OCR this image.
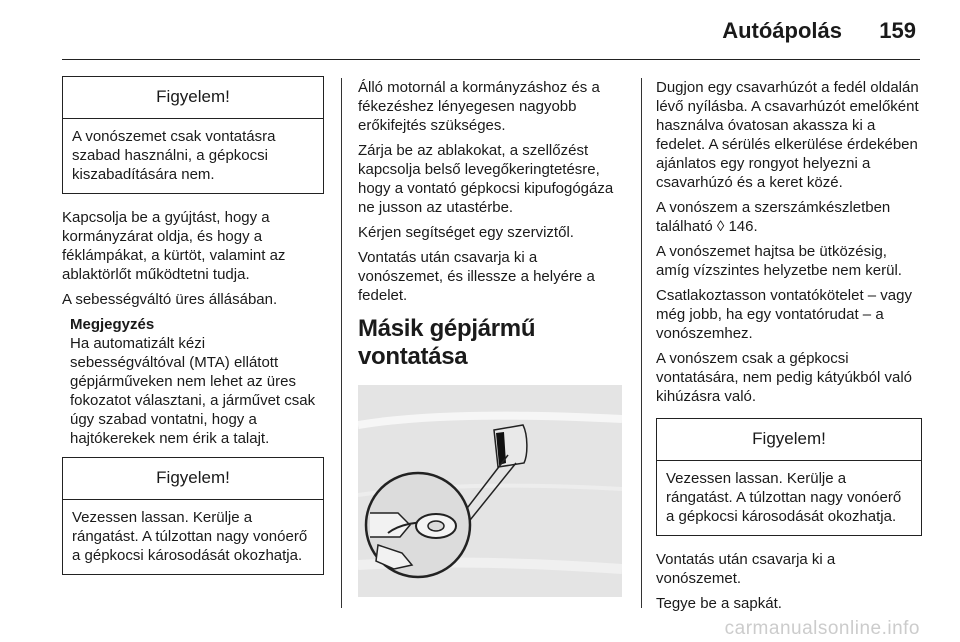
Autóápolás 159
Figyelem!
A vonószemet csak vontatásra szabad használni, a gépkocsi kiszabadítására nem.

Kapcsolja be a gyújtást, hogy a kormányzárat oldja, és hogy a féklámpákat, a kürtöt, valamint az ablaktörlőt működtetni tudja.

A sebességváltó üres állásában.

Megjegyzés
Ha automatizált kézi sebességváltóval (MTA) ellátott gépjárműveken nem lehet az üres fokozatot választani, a járművet csak úgy szabad vontatni, hogy a hajtókerekek nem érik a talajt.
Figyelem!
Vezessen lassan. Kerülje a rángatást. A túlzottan nagy vonóerő a gépkocsi károsodását okozhatja.

Álló motornál a kormányzáshoz és a fékezéshez lényegesen nagyobb erőkifejtés szükséges.

Zárja be az ablakokat, a szellőzést kapcsolja belső levegőkeringtetésre, hogy a vontató gépkocsi kipufogógáza ne jusson az utastérbe.

Kérjen segítséget egy szerviztől.

Vontatás után csavarja ki a vonószemet, és illessze a helyére a fedelet.

Másik gépjármű vontatása

Dugjon egy csavarhúzót a fedél oldalán lévő nyílásba. A csavarhúzót emelőként használva óvatosan akassza ki a fedelet. A sérülés elkerülése érdekében ajánlatos egy rongyot helyezni a csavarhúzó és a keret közé.

A vonószem a szerszámkészletben található ◊ 146.

A vonószemet hajtsa be ütközésig, amíg vízszintes helyzetbe nem kerül.

Csatlakoztasson vontatókötelet – vagy még jobb, ha egy vontatórudat – a vonószemhez.

A vonószem csak a gépkocsi vontatására, nem pedig kátyúkból való kihúzásra való.

Figyelem!
Vezessen lassan. Kerülje a rángatást. A túlzottan nagy vonóerő a gépkocsi károsodását okozhatja.

Vontatás után csavarja ki a vonószemet.

Tegye be a sapkát.

carmanualsonline.info
